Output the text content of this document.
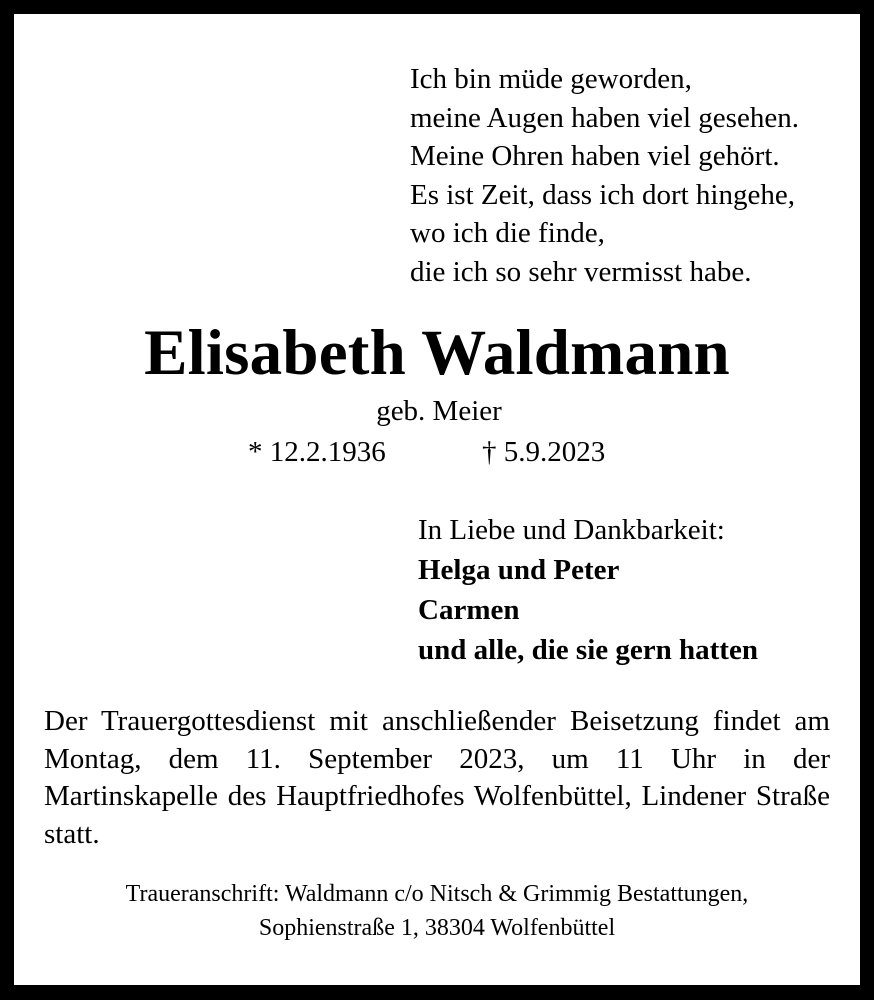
Ich bin müde geworden,
meine Augen haben viel gesehen.
Meine Ohren haben viel gehört.
Es ist Zeit, dass ich dort hingehe,
wo ich die finde,
die ich so sehr vermisst habe.
Elisabeth Waldmann
geb. Meier
* 12.2.1936	† 5.9.2023
In Liebe und Dankbarkeit:
Helga und Peter
Carmen
und alle, die sie gern hatten
Der Trauergottesdienst mit anschließender Beisetzung findet am Montag, dem 11. September 2023, um 11 Uhr in der Martinskapelle des Hauptfriedhofes Wolfenbüttel, Lindener Straße statt.
Traueranschrift: Waldmann c/o Nitsch & Grimmig Bestattungen,
Sophienstraße 1, 38304 Wolfenbüttel
